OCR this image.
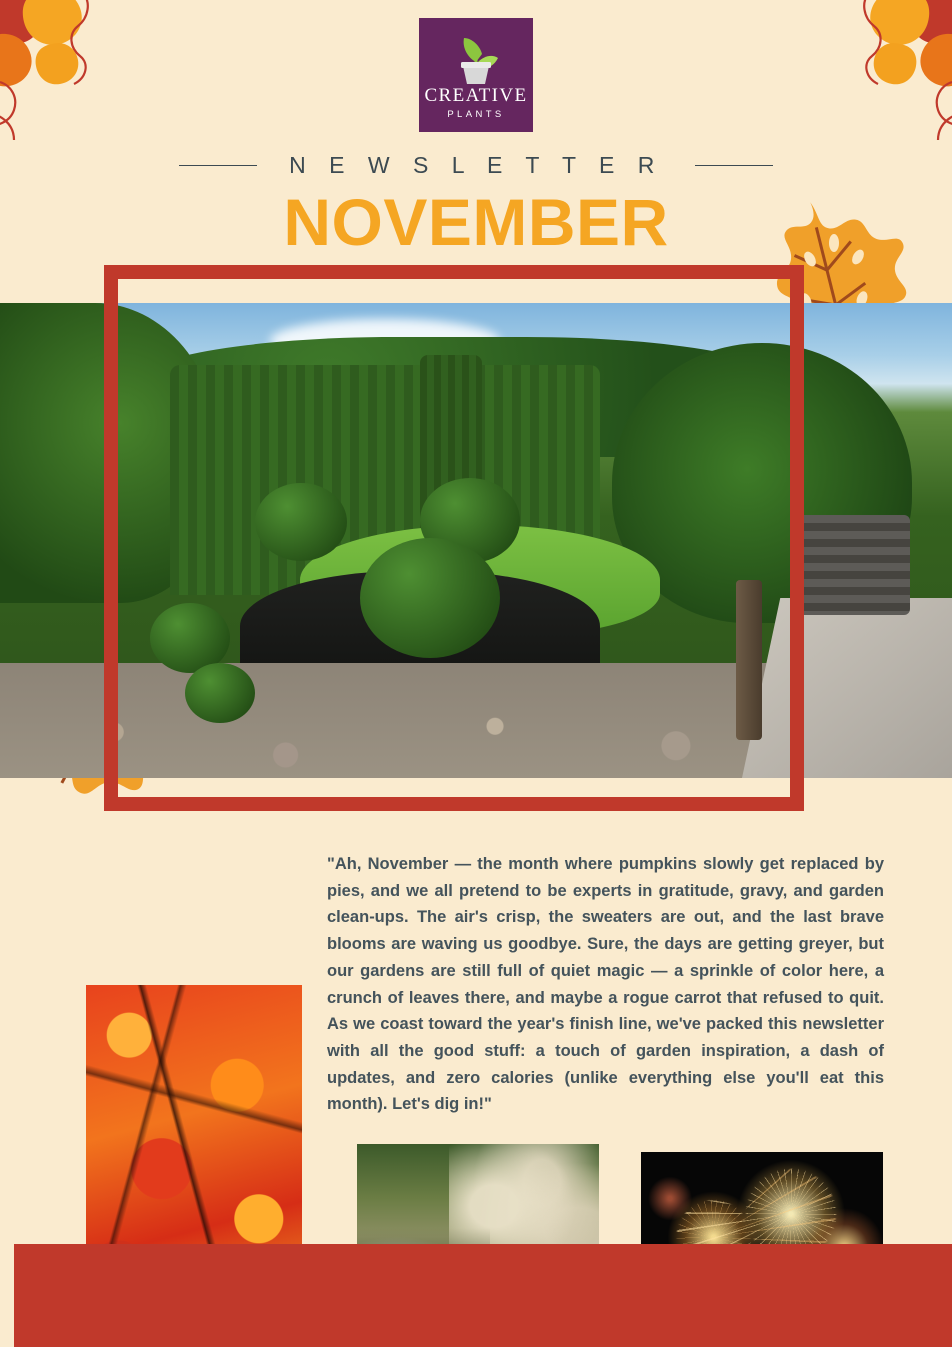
CREATIVE
PLANTS
N E W S L E T T E R
NOVEMBER

"Ah, November — the month where pumpkins slowly get replaced by pies, and we all pretend to be experts in gratitude, gravy, and garden clean-ups. The air's crisp, the sweaters are out, and the last brave blooms are waving us goodbye. Sure, the days are getting greyer, but our gardens are still full of quiet magic — a sprinkle of color here, a crunch of leaves there, and maybe a rogue carrot that refused to quit. As we coast toward the year's finish line, we've packed this newsletter with all the good stuff: a touch of garden inspiration, a dash of updates, and zero calories (unlike everything else you'll eat this month). Let's dig in!"
